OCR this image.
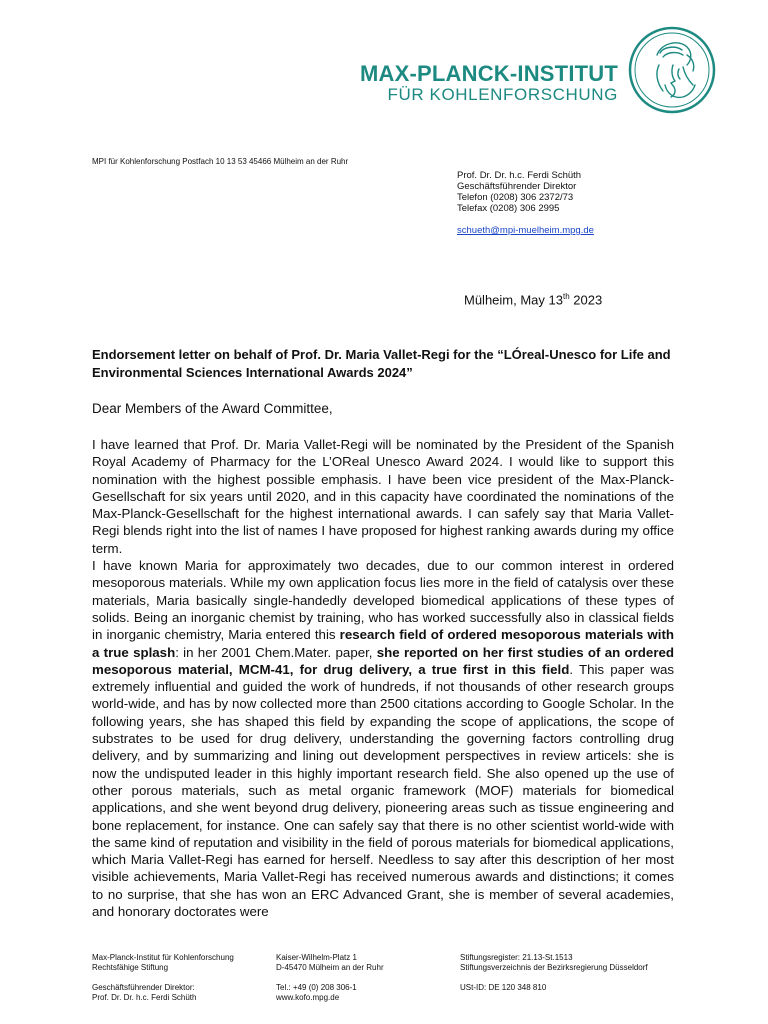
MAX-PLANCK-INSTITUT
FÜR KOHLENFORSCHUNG
MPI für Kohlenforschung Postfach 10 13 53 45466 Mülheim an der Ruhr
Prof. Dr. Dr. h.c. Ferdi Schüth
Geschäftsführender Direktor
Telefon (0208) 306 2372/73
Telefax (0208) 306 2995
schueth@mpi-muelheim.mpg.de
Mülheim, May 13th 2023
Endorsement letter on behalf of Prof. Dr. Maria Vallet-Regi for the “LÓreal-Unesco for Life and Environmental Sciences International Awards 2024”
Dear Members of the Award Committee,

I have learned that Prof. Dr. Maria Vallet-Regi will be nominated by the President of the Spanish Royal Academy of Pharmacy for the L’OReal Unesco Award 2024. I would like to support this nomination with the highest possible emphasis. I have been vice president of the Max-Planck-Gesellschaft for six years until 2020, and in this capacity have coordinated the nominations of the Max-Planck-Gesellschaft for the highest international awards. I can safely say that Maria Vallet-Regi blends right into the list of names I have proposed for highest ranking awards during my office term.

I have known Maria for approximately two decades, due to our common interest in ordered mesoporous materials. While my own application focus lies more in the field of catalysis over these materials, Maria basically single-handedly developed biomedical applications of these types of solids. Being an inorganic chemist by training, who has worked successfully also in classical fields in inorganic chemistry, Maria entered this research field of ordered mesoporous materials with a true splash: in her 2001 Chem.Mater. paper, she reported on her first studies of an ordered mesoporous material, MCM-41, for drug delivery, a true first in this field. This paper was extremely influential and guided the work of hundreds, if not thousands of other research groups world-wide, and has by now collected more than 2500 citations according to Google Scholar. In the following years, she has shaped this field by expanding the scope of applications, the scope of substrates to be used for drug delivery, understanding the governing factors controlling drug delivery, and by summarizing and lining out development perspectives in review articels: she is now the undisputed leader in this highly important research field. She also opened up the use of other porous materials, such as metal organic framework (MOF) materials for biomedical applications, and she went beyond drug delivery, pioneering areas such as tissue engineering and bone replacement, for instance. One can safely say that there is no other scientist world-wide with the same kind of reputation and visibility in the field of porous materials for biomedical applications, which Maria Vallet-Regi has earned for herself. Needless to say after this description of her most visible achievements, Maria Vallet-Regi has received numerous awards and distinctions; it comes to no surprise, that she has won an ERC Advanced Grant, she is member of several academies, and honorary doctorates were

Max-Planck-Institut für Kohlenforschung
Rechtsfähige Stiftung
Geschäftsführender Direktor:
Prof. Dr. Dr. h.c. Ferdi Schüth
Kaiser-Wilhelm-Platz 1
D-45470 Mülheim an der Ruhr
Tel.: +49 (0) 208 306-1
www.kofo.mpg.de
Stiftungsregister: 21.13-St.1513
Stiftungsverzeichnis der Bezirksregierung Düsseldorf
USt-ID: DE 120 348 810
